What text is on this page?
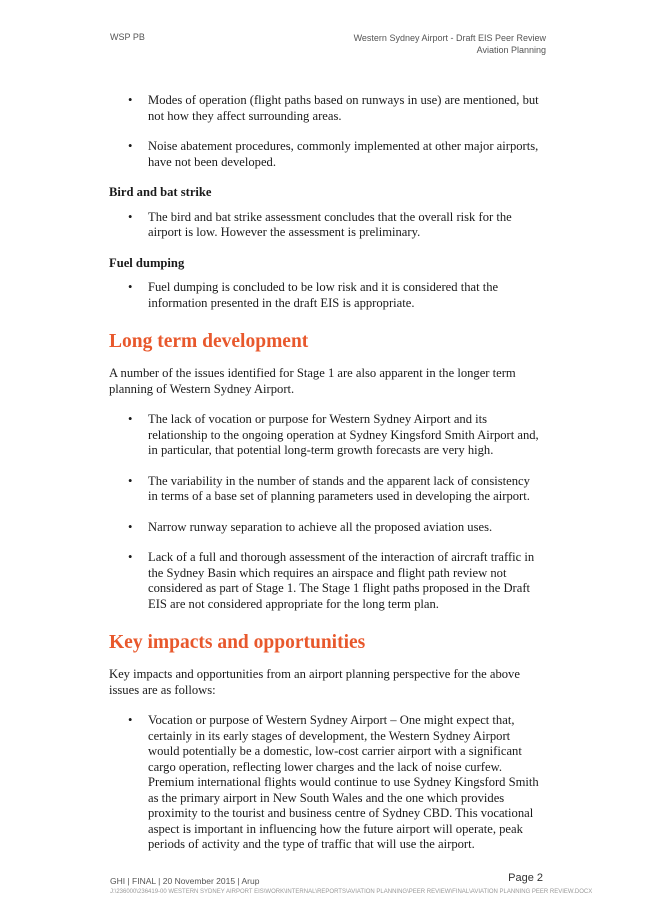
WSP PB	Western Sydney Airport - Draft EIS Peer Review
Aviation Planning
• Modes of operation (flight paths based on runways in use) are mentioned, but not how they affect surrounding areas.
• Noise abatement procedures, commonly implemented at other major airports, have not been developed.
Bird and bat strike
• The bird and bat strike assessment concludes that the overall risk for the airport is low. However the assessment is preliminary.
Fuel dumping
• Fuel dumping is concluded to be low risk and it is considered that the information presented in the draft EIS is appropriate.
Long term development

A number of the issues identified for Stage 1 are also apparent in the longer term planning of Western Sydney Airport.

• The lack of vocation or purpose for Western Sydney Airport and its relationship to the ongoing operation at Sydney Kingsford Smith Airport and, in particular, that potential long-term growth forecasts are very high.
• The variability in the number of stands and the apparent lack of consistency in terms of a base set of planning parameters used in developing the airport.
• Narrow runway separation to achieve all the proposed aviation uses.
• Lack of a full and thorough assessment of the interaction of aircraft traffic in the Sydney Basin which requires an airspace and flight path review not considered as part of Stage 1. The Stage 1 flight paths proposed in the Draft EIS are not considered appropriate for the long term plan.
Key impacts and opportunities

Key impacts and opportunities from an airport planning perspective for the above issues are as follows:

• Vocation or purpose of Western Sydney Airport – One might expect that, certainly in its early stages of development, the Western Sydney Airport would potentially be a domestic, low-cost carrier airport with a significant cargo operation, reflecting lower charges and the lack of noise curfew. Premium international flights would continue to use Sydney Kingsford Smith as the primary airport in New South Wales and the one which provides proximity to the tourist and business centre of Sydney CBD. This vocational aspect is important in influencing how the future airport will operate, peak periods of activity and the type of traffic that will use the airport.
GHI | FINAL | 20 November 2015 | Arup	Page 2
J:\236000\236419-00 WESTERN SYDNEY AIRPORT EIS\WORK\INTERNAL\REPORTS\AVIATION PLANNING\PEER REVIEW\FINAL\AVIATION PLANNING PEER REVIEW.DOCX
